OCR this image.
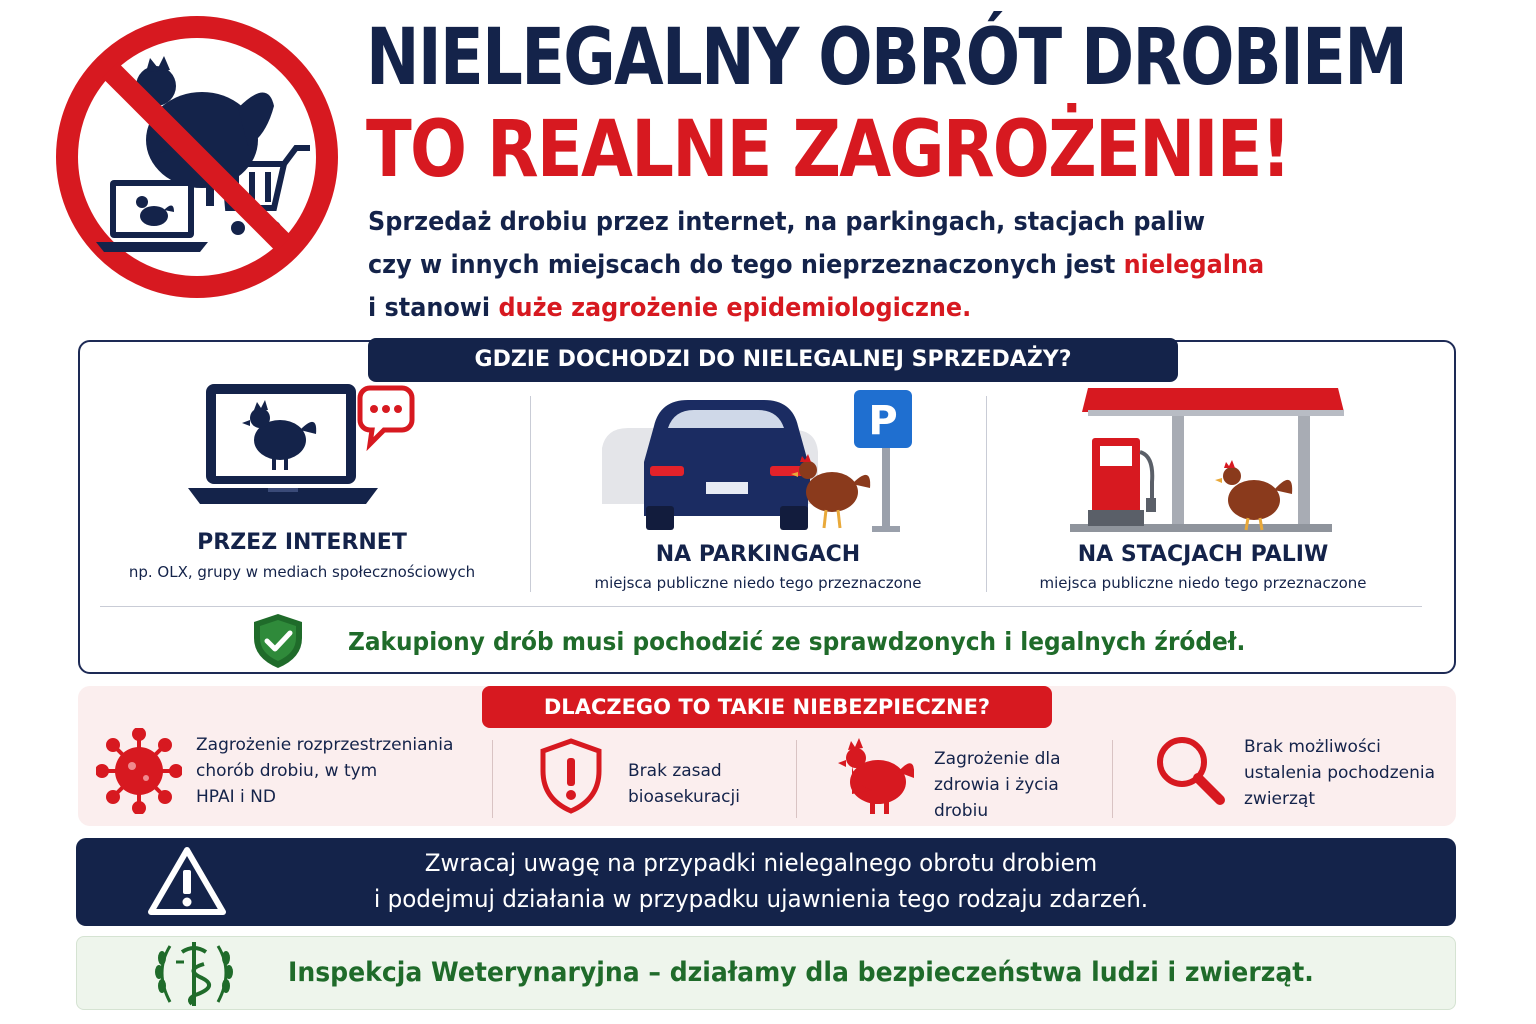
NIELEGALNY OBRÓT DROBIEM
TO REALNE ZAGROŻENIE!
Sprzedaż drobiu przez internet, na parkingach, stacjach paliw
czy w innych miejscach do tego nieprzeznaczonych jest nielegalna
i stanowi duże zagrożenie epidemiologiczne.
GDZIE DOCHODZI DO NIELEGALNEJ SPRZEDAŻY?
PRZEZ INTERNET
np. OLX, grupy w mediach społecznościowych
P
NA PARKINGACH
miejsca publiczne niedo tego przeznaczone
NA STACJACH PALIW
miejsca publiczne niedo tego przeznaczone
Zakupiony drób musi pochodzić ze sprawdzonych i legalnych źródeł.
DLACZEGO TO TAKIE NIEBEZPIECZNE?
Zagrożenie rozprzestrzeniania
chorób drobiu, w tym
HPAI i ND
Brak zasad
bioasekuracji
Zagrożenie dla
zdrowia i życia
drobiu
Brak możliwości
ustalenia pochodzenia
zwierząt
Zwracaj uwagę na przypadki nielegalnego obrotu drobiem
i podejmuj działania w przypadku ujawnienia tego rodzaju zdarzeń.
Inspekcja Weterynaryjna – działamy dla bezpieczeństwa ludzi i zwierząt.
